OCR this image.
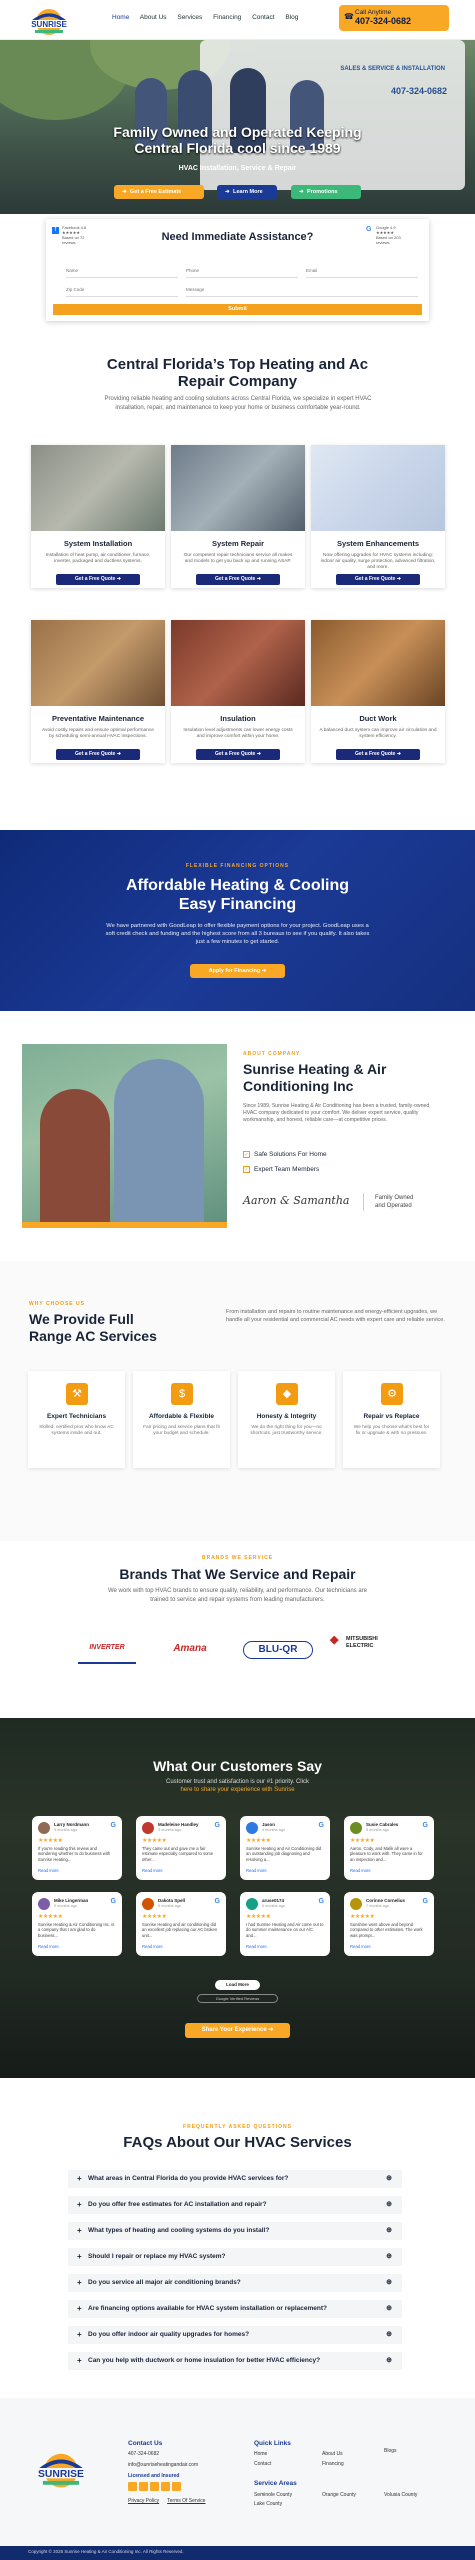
SUNRISE
Home About Us Services Financing Contact Blog	☎ Call Anytime
407-324-0682
SALES & SERVICE & INSTALLATION
407-324-0682
Family Owned and Operated Keeping
Central Florida cool since 1989
HVAC Installation, Service & Repair
Get a Free Estimate
➜	Learn More
➜	Promotions
➜
f	Facebook 4.8 ★★★★★
Based on 72 reviews
G Google 4.9 ★★★★★
Based on 203 reviews
Need Immediate Assistance?
Name	Phone	Email
Zip Code	Message
Submit
Central Florida’s Top Heating and Ac
Repair Company
Providing reliable heating and cooling solutions across Central Florida, we specialize in expert HVAC installation, repair, and maintenance to keep your home or business comfortable year-round.
System Installation
Installation of heat pump, air conditioner, furnace, inverter, packaged and ductless systems.
Get a Free Quote ➜
System Repair
Our competent repair technicians service all makes and models to get you back up and running ASAP.
Get a Free Quote ➜
System Enhancements
Now offering upgrades for HVAC systems including: indoor air quality, surge protection, advanced filtration, and more.
Get a Free Quote ➜
Preventative Maintenance
Avoid costly repairs and ensure optimal performance by scheduling semi-annual HVAC inspections.
Get a Free Quote ➜
Insulation
Insulation level adjustments can lower energy costs and improve comfort within your home.
Get a Free Quote ➜
Duct Work
A balanced duct system can improve air circulation and system efficiency.
Get a Free Quote ➜
FLEXIBLE FINANCING OPTIONS
Affordable Heating & Cooling
Easy Financing
We have partnered with GoodLeap to offer flexible payment options for your project. GoodLeap uses a soft credit check and funding and the highest score from all 3 bureaus to see if you qualify. It also takes just a few minutes to get started.
Apply for Financing ➜
ABOUT COMPANY
Sunrise Heating & Air
Conditioning Inc
Since 1989, Sunrise Heating & Air Conditioning has been a trusted, family-owned HVAC company dedicated to your comfort. We deliver expert service, quality workmanship, and honest, reliable care—at competitive prices.
✓ Safe Solutions For Home
✓ Expert Team Members
Aaron & Samantha	Family Owned
and Operated
WHY CHOOSE US
We Provide Full
Range AC Services
From installation and repairs to routine maintenance and energy-efficient upgrades, we handle all your residential and commercial AC needs with expert care and reliable service.
⚒
Expert Technicians
Skilled, certified pros who know AC systems inside and out.
$
Affordable & Flexible
Fair pricing and service plans that fit your budget and schedule.
◆
Honesty & Integrity
We do the right thing for you—no shortcuts, just trustworthy service.
⚙
Repair vs Replace
We help you choose what's best for fix or upgrade & with no pressure.
BRANDS WE SERVICE
Brands That We Service and Repair
We work with top HVAC brands to ensure quality, reliability, and performance. Our technicians are trained to service and repair systems from leading manufacturers.
INVERTER	Amana	BLU-QR
◆ MITSUBISHI ELECTRIC
What Our Customers Say
Customer trust and satisfaction is our #1 priority. Click
here to share your experience with Sunrise
Larry Nordmann
3 months ago
G
★★★★★
If you're reading this review and wondering whether to do business with Sunrise Heating...
Read more
Madeleine Handley
3 months ago
G
★★★★★
They came out and gave me a fair estimate especially compared to some other...
Read more
Jason
4 months ago
G
★★★★★
Sunrise Heating and Air Conditioning did an outstanding job diagnosing and resolving a...
Read more
Susie Cabrales
5 months ago
G
★★★★★
Aaron, Cody, and Malik all were a pleasure to work with. They came in for an inspection and...
Read more
Mike Lingerman
5 months ago
G
★★★★★
Sunrise Heating & Air Conditioning Inc. is a company that I am glad to do business...
Read more
Dakota Spell
6 months ago
G
★★★★★
Sunrise Heating and air conditioning did an excellent job replacing our AC broken unit...
Read more
aruse0174
6 months ago
G
★★★★★
I had Sunrise Heating and Air come out to do summer maintenance on our A/C and...
Read more
Corinne Cornelius
7 months ago
G
★★★★★
Sunshine went above and beyond compared to other estimates. The work was prompt...
Read more
Load More
Google Verified Reviews
Share Your Experience ➜
FREQUENTLY ASKED QUESTIONS
FAQs About Our HVAC Services
+ What areas in Central Florida do you provide HVAC services for?	⊕
+ Do you offer free estimates for AC installation and repair?	⊕
+ What types of heating and cooling systems do you install?	⊕
+ Should I repair or replace my HVAC system?	⊕
+ Do you service all major air conditioning brands?	⊕
+ Are financing options available for HVAC system installation or replacement?	⊕
+ Do you offer indoor air quality upgrades for homes?	⊕
+ Can you help with ductwork or home insulation for better HVAC efficiency?	⊕
SUNRISE
Contact Us
407-324-0682
info@sunriseheatingandair.com
Licensed and Insured
Privacy Policy Terms Of Service
Quick Links
Home	About Us	Blogs
Contact	Financing
Service Areas
Seminole County	Orange County	Volusia County
Lake County
Copyright © 2025 Sunrise Heating & Air Conditioning Inc. All Rights Reserved.
